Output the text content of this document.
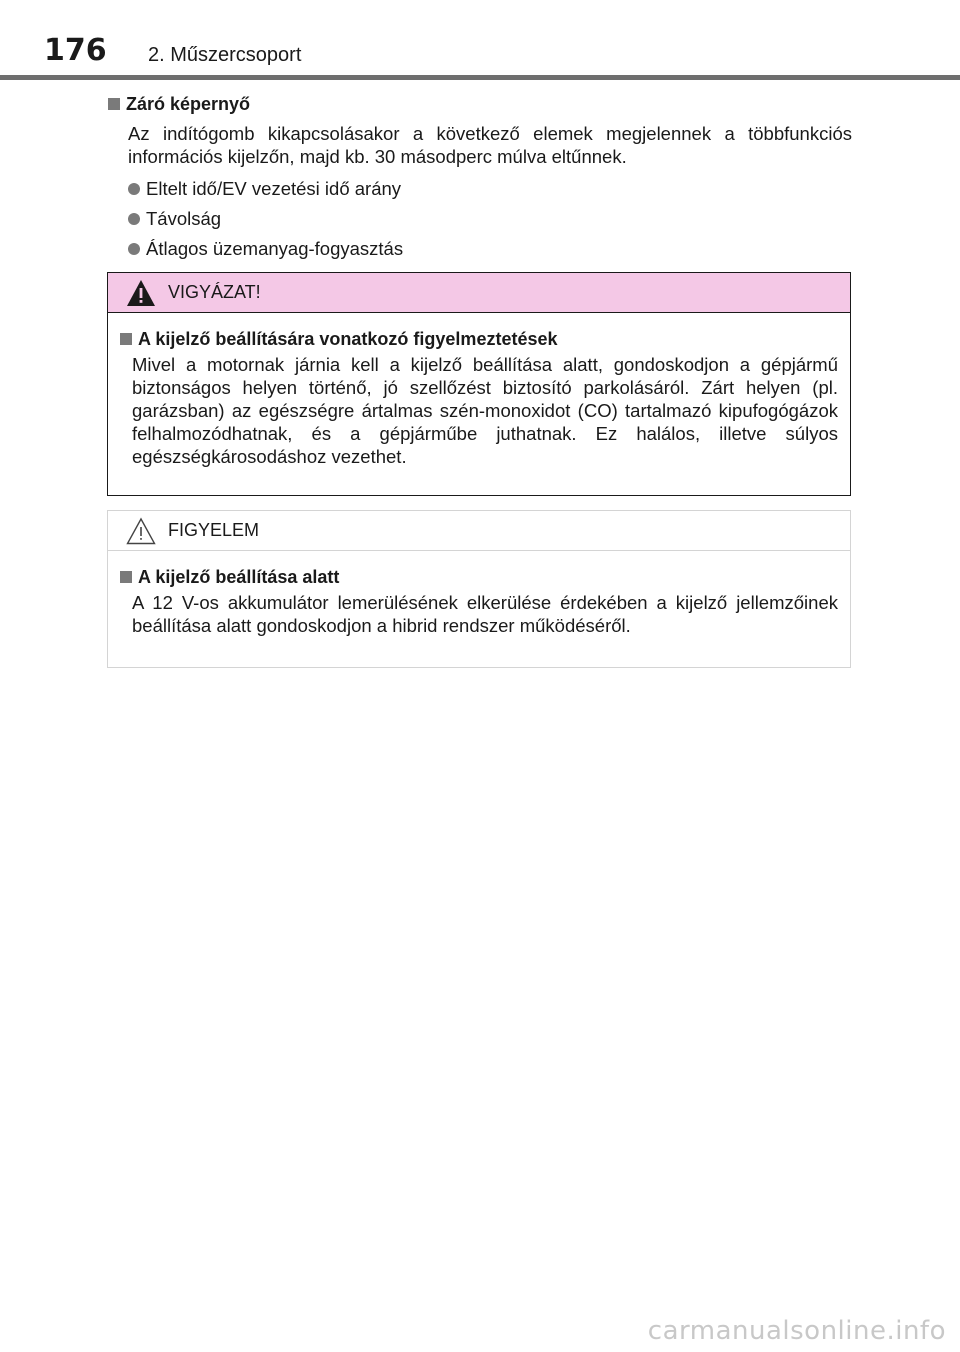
176 2. Műszercsoport
Záró képernyő

Az indítógomb kikapcsolásakor a következő elemek megjelennek a többfunkciós információs kijelzőn, majd kb. 30 másodperc múlva eltűnnek.

Eltelt idő/EV vezetési idő arány
Távolság
Átlagos üzemanyag-fogyasztás
VIGYÁZAT!
A kijelző beállítására vonatkozó figyelmeztetések

Mivel a motornak járnia kell a kijelző beállítása alatt, gondoskodjon a gépjármű biztonságos helyen történő, jó szellőzést biztosító parkolásáról. Zárt helyen (pl. garázsban) az egészségre ártalmas szén-monoxidot (CO) tartalmazó kipufogógázok felhalmozódhatnak, és a gépjárműbe juthatnak. Ez halálos, illetve súlyos egészségkárosodáshoz vezethet.

FIGYELEM
A kijelző beállítása alatt

A 12 V-os akkumulátor lemerülésének elkerülése érdekében a kijelző jellemzőinek beállítása alatt gondoskodjon a hibrid rendszer működéséről.

carmanualsonline.info
